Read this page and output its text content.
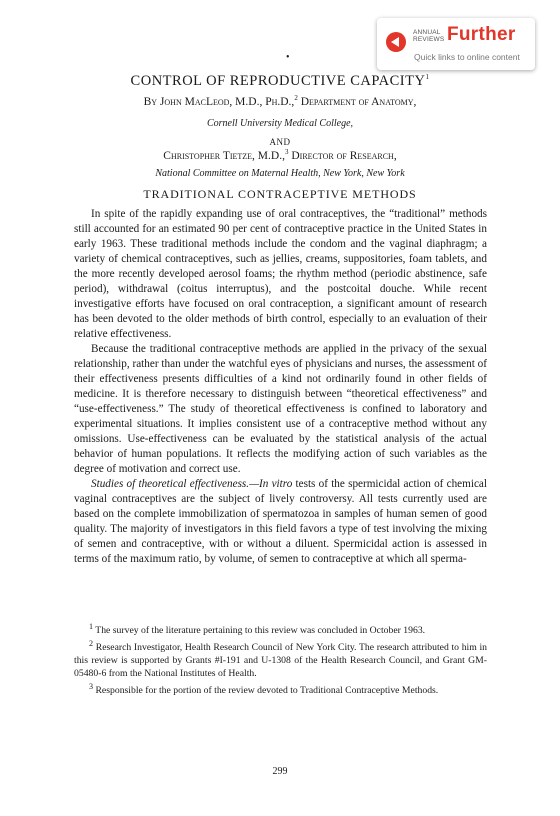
ANNUAL
REVIEWS Further
Quick links to online content
•
CONTROL OF REPRODUCTIVE CAPACITY$^1$
By John MacLeod, M.D., Ph.D.,$^2$ Department of Anatomy,
Cornell University Medical College,
AND
Christopher Tietze, M.D.,$^3$ Director of Research,
National Committee on Maternal Health, New York, New York
TRADITIONAL CONTRACEPTIVE METHODS

In spite of the rapidly expanding use of oral contraceptives, the “traditional” methods still accounted for an estimated 90 per cent of contraceptive practice in the United States in early 1963. These traditional methods include the condom and the vaginal diaphragm; a variety of chemical contraceptives, such as jellies, creams, suppositories, foam tablets, and the more recently developed aerosol foams; the rhythm method (periodic abstinence, safe period), withdrawal (coitus interruptus), and the postcoital douche. While recent investigative efforts have focused on oral contraception, a significant amount of research has been devoted to the older methods of birth control, especially to an evaluation of their relative effectiveness.

Because the traditional contraceptive methods are applied in the privacy of the sexual relationship, rather than under the watchful eyes of physicians and nurses, the assessment of their effectiveness presents difficulties of a kind not ordinarily found in other fields of medicine. It is therefore necessary to distinguish between “theoretical effectiveness” and “use-effectiveness.” The study of theoretical effectiveness is confined to laboratory and experimental situations. It implies consistent use of a contraceptive method without any omissions. Use-effectiveness can be evaluated by the statistical analysis of the actual behavior of human populations. It reflects the modifying action of such variables as the degree of motivation and correct use.

Studies of theoretical effectiveness.—In vitro tests of the spermicidal action of chemical vaginal contraceptives are the subject of lively controversy. All tests currently used are based on the complete immobilization of spermatozoa in samples of human semen of good quality. The majority of investigators in this field favors a type of test involving the mixing of semen and contraceptive, with or without a diluent. Spermicidal action is assessed in terms of the maximum ratio, by volume, of semen to contraceptive at which all sperma-

$^1$ The survey of the literature pertaining to this review was concluded in October 1963.

$^2$ Research Investigator, Health Research Council of New York City. The research attributed to him in this review is supported by Grants #I-191 and U-1308 of the Health Research Council, and Grant GM-05480-6 from the National Institutes of Health.

$^3$ Responsible for the portion of the review devoted to Traditional Contraceptive Methods.

299
